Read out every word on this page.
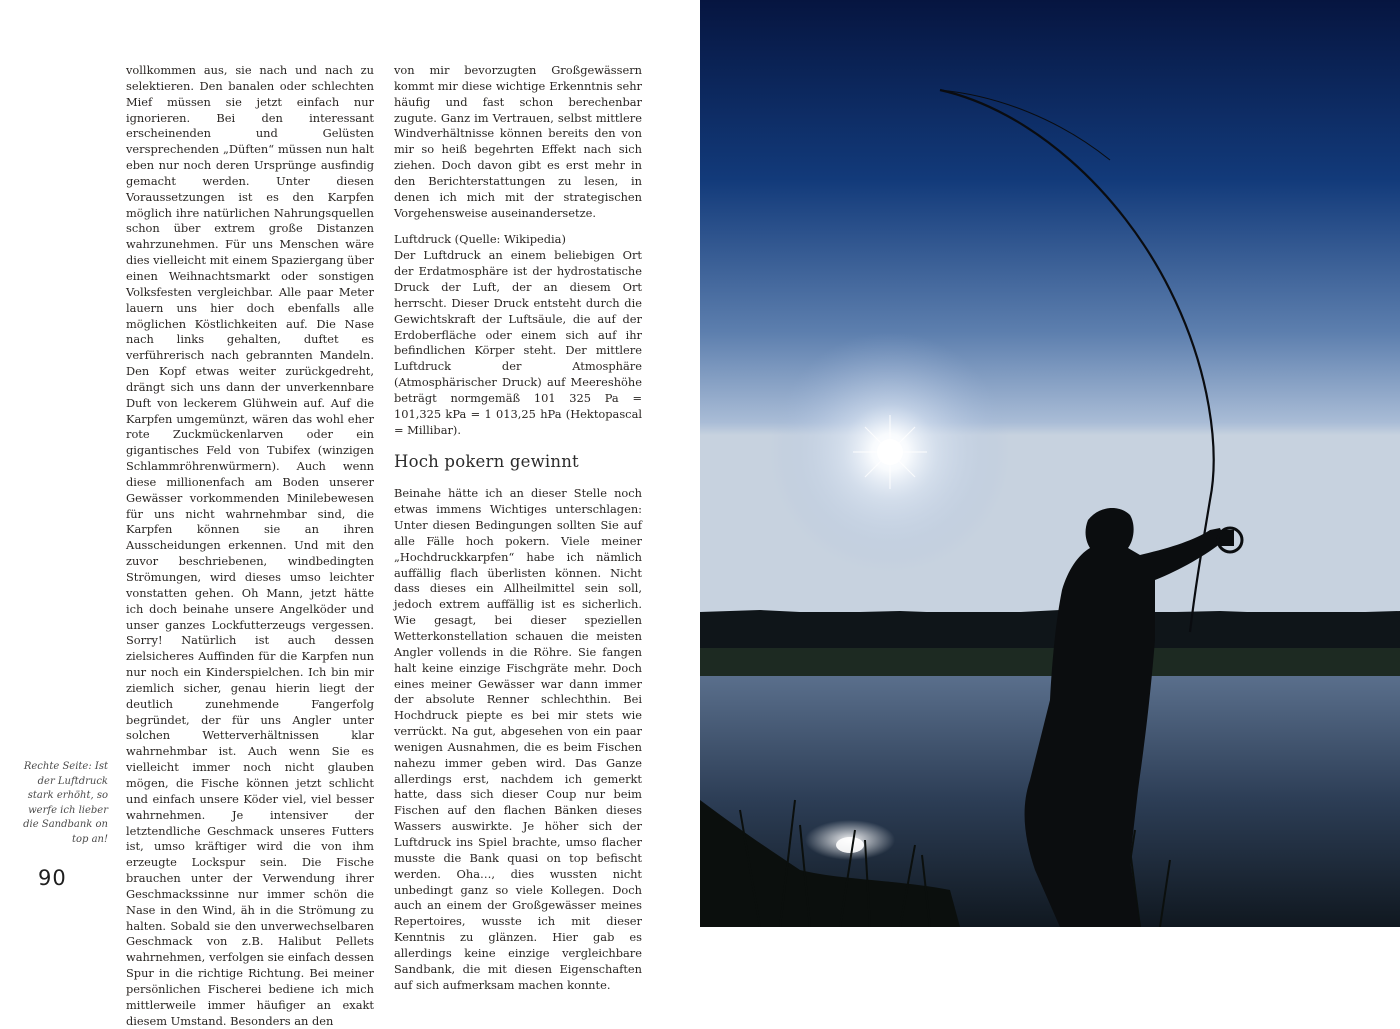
vollkommen aus, sie nach und nach zu selektieren. Den banalen oder schlechten Mief müssen sie jetzt einfach nur ignorieren. Bei den interessant erscheinenden und Gelüsten versprechenden „Düften“ müssen nun halt eben nur noch deren Ursprünge ausfindig gemacht werden. Unter diesen Voraussetzungen ist es den Karpfen möglich ihre natürlichen Nahrungsquellen schon über extrem große Distanzen wahrzunehmen. Für uns Menschen wäre dies vielleicht mit einem Spaziergang über einen Weihnachtsmarkt oder sonstigen Volksfesten vergleichbar. Alle paar Meter lauern uns hier doch ebenfalls alle möglichen Köstlichkeiten auf. Die Nase nach links gehalten, duftet es verführerisch nach gebrannten Mandeln. Den Kopf etwas weiter zurückgedreht, drängt sich uns dann der unverkennbare Duft von leckerem Glühwein auf. Auf die Karpfen umgemünzt, wären das wohl eher rote Zuckmückenlarven oder ein gigantisches Feld von Tubifex (winzigen Schlammröhrenwürmern). Auch wenn diese millionenfach am Boden unserer Gewässer vorkommenden Minilebewesen für uns nicht wahrnehmbar sind, die Karpfen können sie an ihren Ausscheidungen erkennen. Und mit den zuvor beschriebenen, windbedingten Strömungen, wird dieses umso leichter vonstatten gehen. Oh Mann, jetzt hätte ich doch beinahe unsere Angelköder und unser ganzes Lockfutterzeugs vergessen. Sorry! Natürlich ist auch dessen zielsicheres Auffinden für die Karpfen nun nur noch ein Kinderspielchen. Ich bin mir ziemlich sicher, genau hierin liegt der deutlich zunehmende Fangerfolg begründet, der für uns Angler unter solchen Wetterverhältnissen klar wahrnehmbar ist. Auch wenn Sie es vielleicht immer noch nicht glauben mögen, die Fische können jetzt schlicht und einfach unsere Köder viel, viel besser wahrnehmen. Je intensiver der letztendliche Geschmack unseres Futters ist, umso kräftiger wird die von ihm erzeugte Lockspur sein. Die Fische brauchen unter der Verwendung ihrer Geschmackssinne nur immer schön die Nase in den Wind, äh in die Strömung zu halten. Sobald sie den unverwechselbaren Geschmack von z.B. Halibut Pellets wahrnehmen, verfolgen sie einfach dessen Spur in die richtige Richtung. Bei meiner persönlichen Fischerei bediene ich mich mittlerweile immer häufiger an exakt diesem Umstand. Besonders an den

von mir bevorzugten Großgewässern kommt mir diese wichtige Erkenntnis sehr häufig und fast schon berechenbar zugute. Ganz im Vertrauen, selbst mittlere Windverhältnisse können bereits den von mir so heiß begehrten Effekt nach sich ziehen. Doch davon gibt es erst mehr in den Berichterstattungen zu lesen, in denen ich mich mit der strategischen Vorgehensweise auseinandersetze.

Luftdruck (Quelle: Wikipedia)

Der Luftdruck an einem beliebigen Ort der Erdatmosphäre ist der hydrostatische Druck der Luft, der an diesem Ort herrscht. Dieser Druck entsteht durch die Gewichtskraft der Luftsäule, die auf der Erdoberfläche oder einem sich auf ihr befindlichen Körper steht. Der mittlere Luftdruck der Atmosphäre (Atmosphärischer Druck) auf Meereshöhe beträgt normgemäß 101 325 Pa = 101,325 kPa = 1 013,25 hPa (Hektopascal = Millibar).

Hoch pokern gewinnt

Beinahe hätte ich an dieser Stelle noch etwas immens Wichtiges unterschlagen: Unter diesen Bedingungen sollten Sie auf alle Fälle hoch pokern. Viele meiner „Hochdruckkarpfen“ habe ich nämlich auffällig flach überlisten können. Nicht dass dieses ein Allheilmittel sein soll, jedoch extrem auffällig ist es sicherlich. Wie gesagt, bei dieser speziellen Wetterkonstellation schauen die meisten Angler vollends in die Röhre. Sie fangen halt keine einzige Fischgräte mehr. Doch eines meiner Gewässer war dann immer der absolute Renner schlechthin. Bei Hochdruck piepte es bei mir stets wie verrückt. Na gut, abgesehen von ein paar wenigen Ausnahmen, die es beim Fischen nahezu immer geben wird. Das Ganze allerdings erst, nachdem ich gemerkt hatte, dass sich dieser Coup nur beim Fischen auf den flachen Bänken dieses Wassers auswirkte. Je höher sich der Luftdruck ins Spiel brachte, umso flacher musste die Bank quasi on top befischt werden. Oha…, dies wussten nicht unbedingt ganz so viele Kollegen. Doch auch an einem der Großgewässer meines Repertoires, wusste ich mit dieser Kenntnis zu glänzen. Hier gab es allerdings keine einzige vergleichbare Sandbank, die mit diesen Eigenschaften auf sich aufmerksam machen konnte.

Rechte Seite: Ist der Luftdruck stark erhöht, so werfe ich lieber die Sandbank on top an!
90
